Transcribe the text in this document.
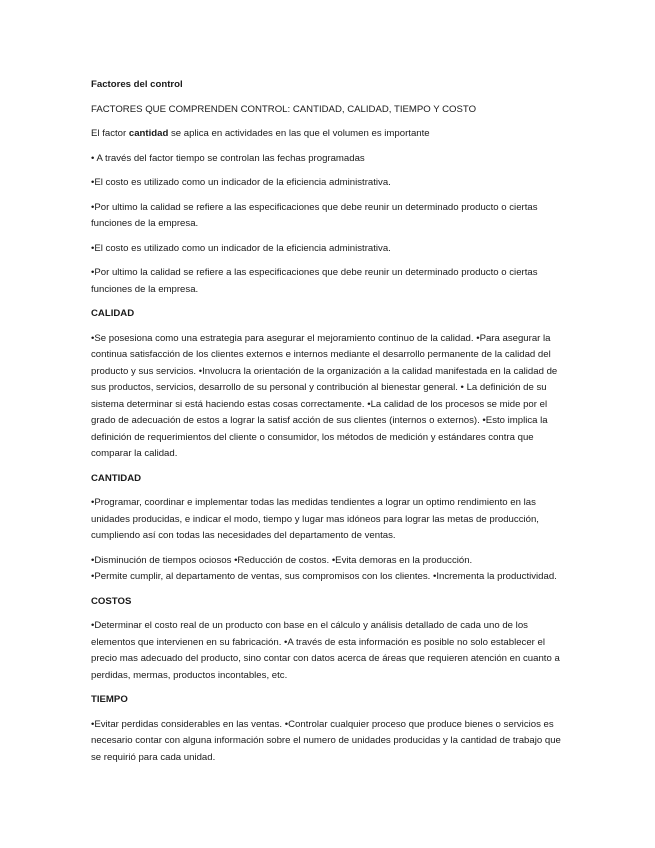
Factores del control

FACTORES QUE COMPRENDEN CONTROL: CANTIDAD, CALIDAD, TIEMPO Y COSTO

El factor cantidad se aplica en actividades en las que el volumen es importante

• A través del factor tiempo se controlan las fechas programadas

•El costo es utilizado como un indicador de la eficiencia administrativa.

•Por ultimo la calidad se refiere a las especificaciones que debe reunir un determinado producto o ciertas funciones de la empresa.

•El costo es utilizado como un indicador de la eficiencia administrativa.

•Por ultimo la calidad se refiere a las especificaciones que debe reunir un determinado producto o ciertas funciones de la empresa.

CALIDAD

•Se posesiona como una estrategia para asegurar el mejoramiento continuo de la calidad. •Para asegurar la continua satisfacción de los clientes externos e internos mediante el desarrollo permanente de la calidad del producto y sus servicios. •Involucra la orientación de la organización a la calidad manifestada en la calidad de sus productos, servicios, desarrollo de su personal y contribución al bienestar general. • La definición de su sistema determinar si está haciendo estas cosas correctamente. •La calidad de los procesos se mide por el grado de adecuación de estos a lograr la satisf acción de sus clientes (internos o externos). •Esto implica la definición de requerimientos del cliente o consumidor, los métodos de medición y estándares contra que comparar la calidad.

CANTIDAD

•Programar, coordinar e implementar todas las medidas tendientes a lograr un optimo rendimiento en las unidades producidas, e indicar el modo, tiempo y lugar mas idóneos para lograr las metas de producción, cumpliendo así con todas las necesidades del departamento de ventas.

•Disminución de tiempos ociosos •Reducción de costos. •Evita demoras en la producción.

•Permite cumplir, al departamento de ventas, sus compromisos con los clientes. •Incrementa la productividad.

COSTOS

•Determinar el costo real de un producto con base en el cálculo y análisis detallado de cada uno de los elementos que intervienen en su fabricación. •A través de esta información es posible no solo establecer el precio mas adecuado del producto, sino contar con datos acerca de áreas que requieren atención en cuanto a perdidas, mermas, productos incontables, etc.

TIEMPO

•Evitar perdidas considerables en las ventas. •Controlar cualquier proceso que produce bienes o servicios es necesario contar con alguna información sobre el numero de unidades producidas y la cantidad de trabajo que se requirió para cada unidad.
